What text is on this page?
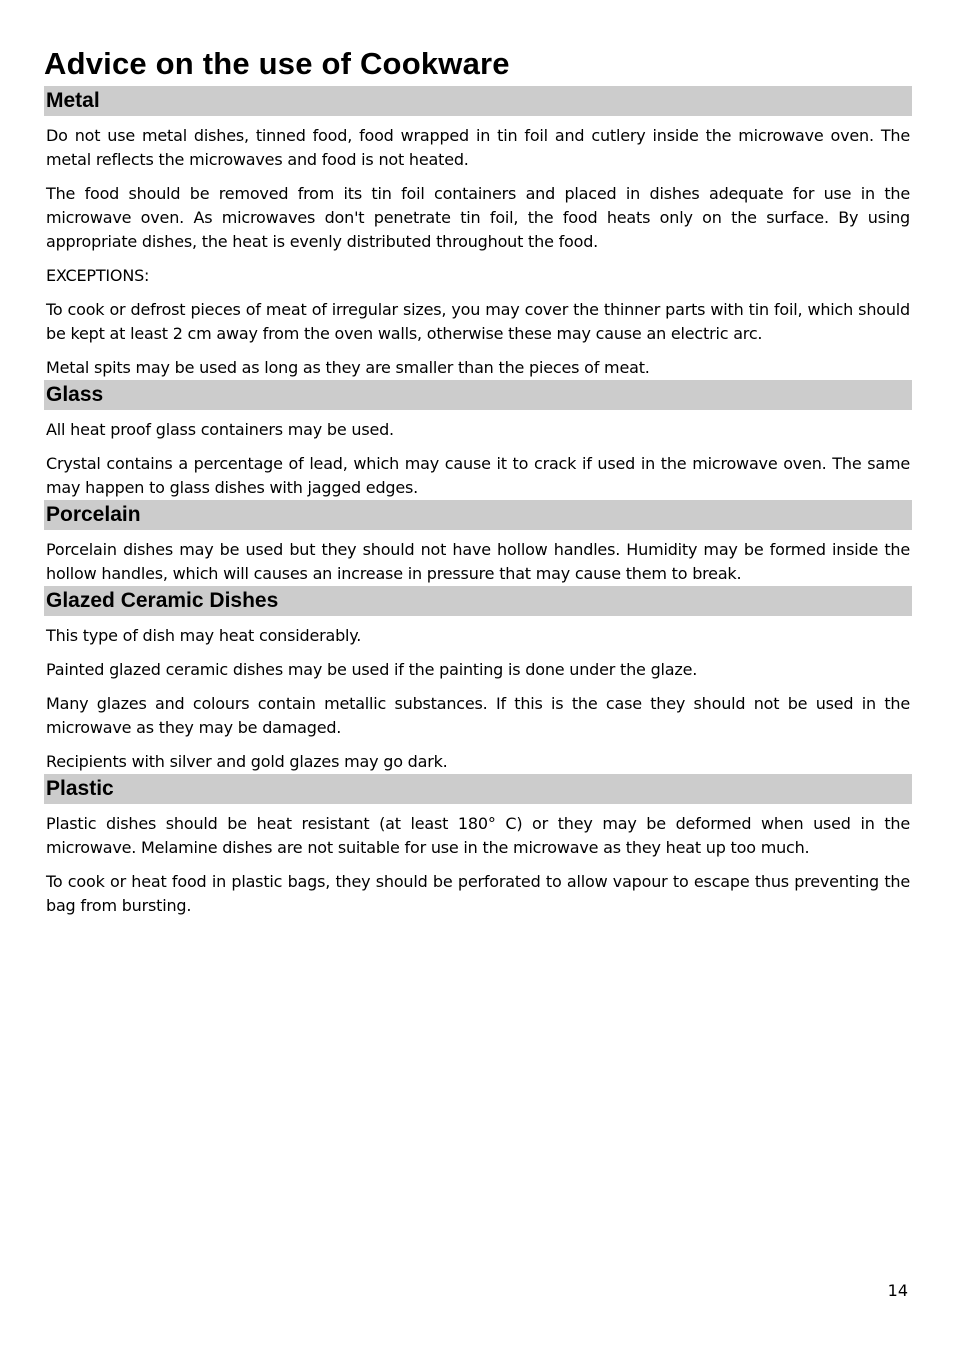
Advice on the use of Cookware
Metal

Do not use metal dishes, tinned food, food wrapped in tin foil and cutlery inside the microwave oven. The metal reflects the microwaves and food is not heated.

The food should be removed from its tin foil containers and placed in dishes adequate for use in the microwave oven. As microwaves don't penetrate tin foil, the food heats only on the surface. By using appropriate dishes, the heat is evenly distributed throughout the food.

EXCEPTIONS:

To cook or defrost pieces of meat of irregular sizes, you may cover the thinner parts with tin foil, which should be kept at least 2 cm away from the oven walls, otherwise these may cause an electric arc.

Metal spits may be used as long as they are smaller than the pieces of meat.

Glass

All heat proof glass containers may be used.

Crystal contains a percentage of lead, which may cause it to crack if used in the microwave oven. The same may happen to glass dishes with jagged edges.

Porcelain

Porcelain dishes may be used but they should not have hollow handles. Humidity may be formed inside the hollow handles, which will causes an increase in pressure that may cause them to break.

Glazed Ceramic Dishes

This type of dish may heat considerably.

Painted glazed ceramic dishes may be used if the painting is done under the glaze.

Many glazes and colours contain metallic substances. If this is the case they should not be used in the microwave as they may be damaged.

Recipients with silver and gold glazes may go dark.

Plastic

Plastic dishes should be heat resistant (at least 180° C) or they may be deformed when used in the microwave. Melamine dishes are not suitable for use in the microwave as they heat up too much.

To cook or heat food in plastic bags, they should be perforated to allow vapour to escape thus preventing the bag from bursting.

14
